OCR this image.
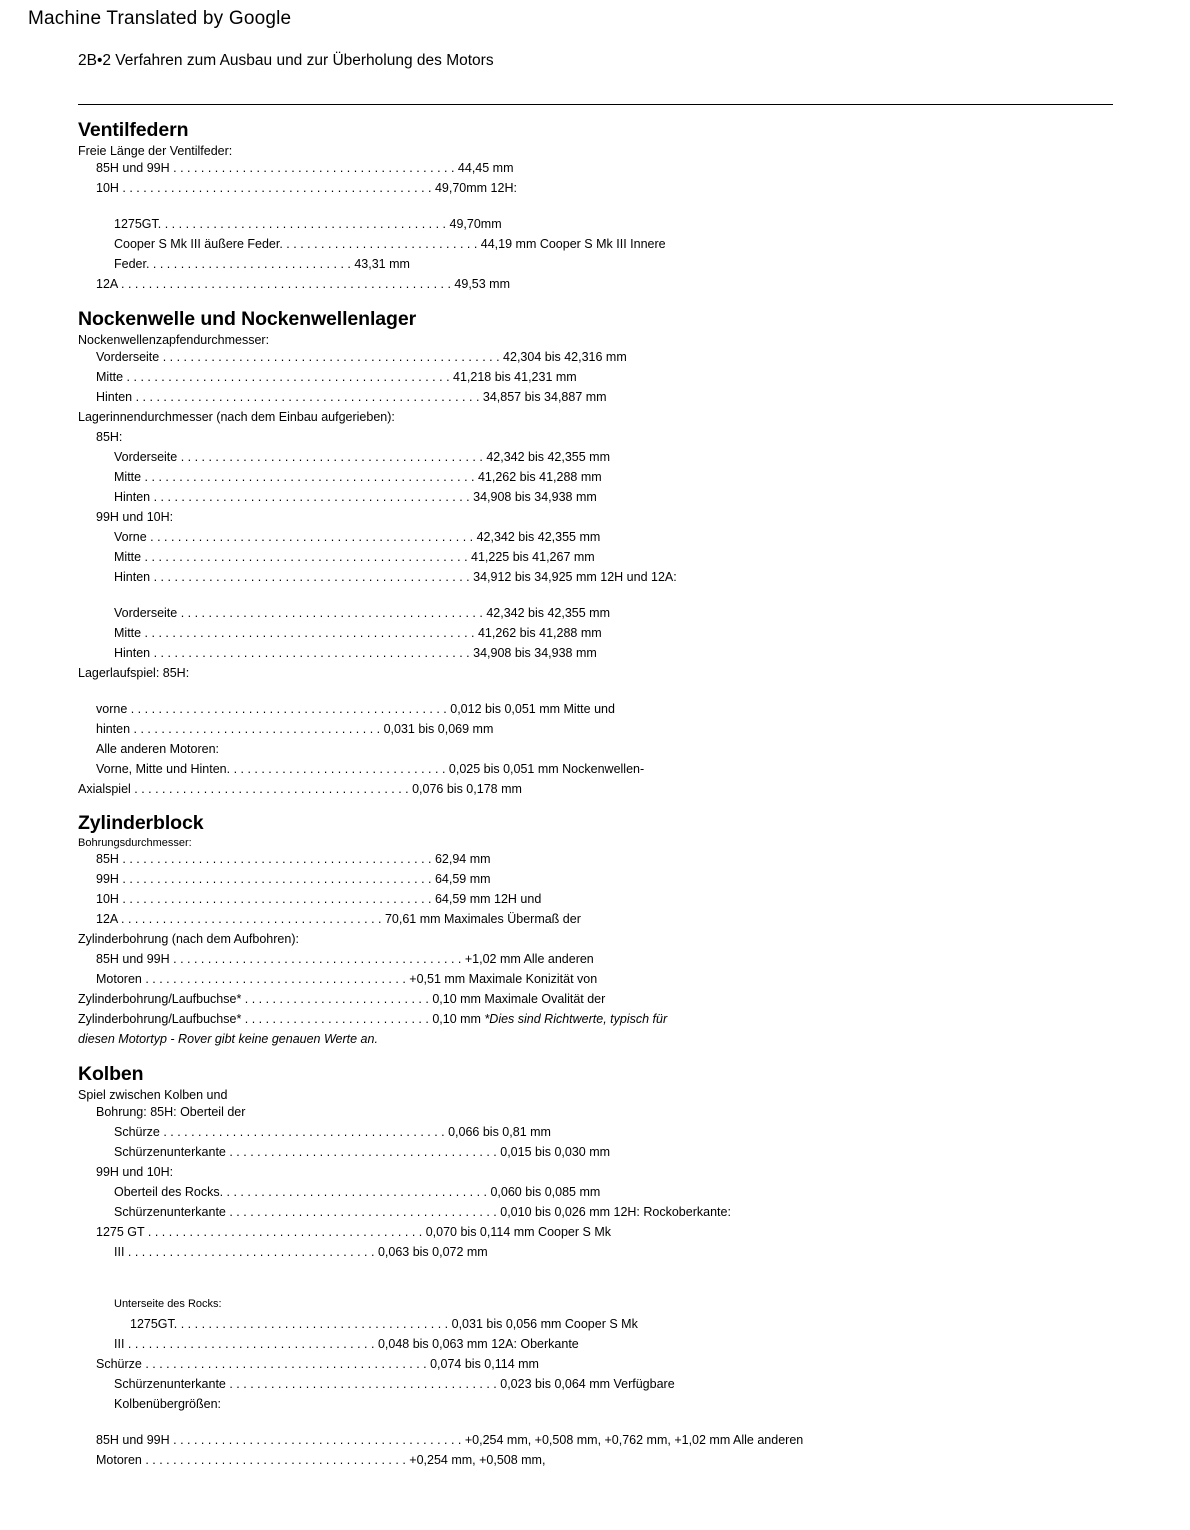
Machine Translated by Google
2B•2 Verfahren zum Ausbau und zur Überholung des Motors
Ventilfedern
Freie Länge der Ventilfeder:
85H und 99H . . . . . . . . . . . . . . . . . . . . . . . . . . . . . . . . . . . . . . . . . 44,45 mm
10H . . . . . . . . . . . . . . . . . . . . . . . . . . . . . . . . . . . . . . . . . . . . . 49,70mm 12H:
1275GT. . . . . . . . . . . . . . . . . . . . . . . . . . . . . . . . . . . . . . . . . . 49,70mm
Cooper S Mk III äußere Feder. . . . . . . . . . . . . . . . . . . . . . . . . . . . . 44,19 mm Cooper S Mk III Innere
Feder. . . . . . . . . . . . . . . . . . . . . . . . . . . . . . 43,31 mm
12A . . . . . . . . . . . . . . . . . . . . . . . . . . . . . . . . . . . . . . . . . . . . . . . . 49,53 mm
Nockenwelle und Nockenwellenlager
Nockenwellenzapfendurchmesser:
Vorderseite . . . . . . . . . . . . . . . . . . . . . . . . . . . . . . . . . . . . . . . . . . . . . . . . . 42,304 bis 42,316 mm
Mitte . . . . . . . . . . . . . . . . . . . . . . . . . . . . . . . . . . . . . . . . . . . . . . . 41,218 bis 41,231 mm
Hinten . . . . . . . . . . . . . . . . . . . . . . . . . . . . . . . . . . . . . . . . . . . . . . . . . . 34,857 bis 34,887 mm
Lagerinnendurchmesser (nach dem Einbau aufgerieben):
85H:
Vorderseite . . . . . . . . . . . . . . . . . . . . . . . . . . . . . . . . . . . . . . . . . . . . 42,342 bis 42,355 mm
Mitte . . . . . . . . . . . . . . . . . . . . . . . . . . . . . . . . . . . . . . . . . . . . . . . . 41,262 bis 41,288 mm
Hinten . . . . . . . . . . . . . . . . . . . . . . . . . . . . . . . . . . . . . . . . . . . . . . 34,908 bis 34,938 mm
99H und 10H:
Vorne . . . . . . . . . . . . . . . . . . . . . . . . . . . . . . . . . . . . . . . . . . . . . . . 42,342 bis 42,355 mm
Mitte . . . . . . . . . . . . . . . . . . . . . . . . . . . . . . . . . . . . . . . . . . . . . . . 41,225 bis 41,267 mm
Hinten . . . . . . . . . . . . . . . . . . . . . . . . . . . . . . . . . . . . . . . . . . . . . . 34,912 bis 34,925 mm 12H und 12A:
Vorderseite . . . . . . . . . . . . . . . . . . . . . . . . . . . . . . . . . . . . . . . . . . . . 42,342 bis 42,355 mm
Mitte . . . . . . . . . . . . . . . . . . . . . . . . . . . . . . . . . . . . . . . . . . . . . . . . 41,262 bis 41,288 mm
Hinten . . . . . . . . . . . . . . . . . . . . . . . . . . . . . . . . . . . . . . . . . . . . . . 34,908 bis 34,938 mm
Lagerlaufspiel: 85H:
vorne . . . . . . . . . . . . . . . . . . . . . . . . . . . . . . . . . . . . . . . . . . . . . . 0,012 bis 0,051 mm Mitte und
hinten . . . . . . . . . . . . . . . . . . . . . . . . . . . . . . . . . . . . 0,031 bis 0,069 mm
Alle anderen Motoren:
Vorne, Mitte und Hinten. . . . . . . . . . . . . . . . . . . . . . . . . . . . . . . . 0,025 bis 0,051 mm Nockenwellen-
Axialspiel . . . . . . . . . . . . . . . . . . . . . . . . . . . . . . . . . . . . . . . . 0,076 bis 0,178 mm
Zylinderblock
Bohrungsdurchmesser:
85H . . . . . . . . . . . . . . . . . . . . . . . . . . . . . . . . . . . . . . . . . . . . . 62,94 mm
99H . . . . . . . . . . . . . . . . . . . . . . . . . . . . . . . . . . . . . . . . . . . . . 64,59 mm
10H . . . . . . . . . . . . . . . . . . . . . . . . . . . . . . . . . . . . . . . . . . . . . 64,59 mm 12H und
12A . . . . . . . . . . . . . . . . . . . . . . . . . . . . . . . . . . . . . . 70,61 mm Maximales Übermaß der
Zylinderbohrung (nach dem Aufbohren):
85H und 99H . . . . . . . . . . . . . . . . . . . . . . . . . . . . . . . . . . . . . . . . . . +1,02 mm Alle anderen
Motoren . . . . . . . . . . . . . . . . . . . . . . . . . . . . . . . . . . . . . . +0,51 mm Maximale Konizität von
Zylinderbohrung/Laufbuchse* . . . . . . . . . . . . . . . . . . . . . . . . . . . 0,10 mm Maximale Ovalität der
Zylinderbohrung/Laufbuchse* . . . . . . . . . . . . . . . . . . . . . . . . . . . 0,10 mm *Dies sind Richtwerte, typisch für
diesen Motortyp - Rover gibt keine genauen Werte an.
Kolben
Spiel zwischen Kolben und
Bohrung: 85H: Oberteil der
Schürze . . . . . . . . . . . . . . . . . . . . . . . . . . . . . . . . . . . . . . . . . 0,066 bis 0,81 mm
Schürzenunterkante . . . . . . . . . . . . . . . . . . . . . . . . . . . . . . . . . . . . . . . 0,015 bis 0,030 mm
99H und 10H:
Oberteil des Rocks. . . . . . . . . . . . . . . . . . . . . . . . . . . . . . . . . . . . . . . 0,060 bis 0,085 mm
Schürzenunterkante . . . . . . . . . . . . . . . . . . . . . . . . . . . . . . . . . . . . . . . 0,010 bis 0,026 mm 12H: Rockoberkante:
1275 GT . . . . . . . . . . . . . . . . . . . . . . . . . . . . . . . . . . . . . . . . 0,070 bis 0,114 mm Cooper S Mk
III . . . . . . . . . . . . . . . . . . . . . . . . . . . . . . . . . . . . 0,063 bis 0,072 mm
Unterseite des Rocks:
1275GT. . . . . . . . . . . . . . . . . . . . . . . . . . . . . . . . . . . . . . . . 0,031 bis 0,056 mm Cooper S Mk
III . . . . . . . . . . . . . . . . . . . . . . . . . . . . . . . . . . . . 0,048 bis 0,063 mm 12A: Oberkante
Schürze . . . . . . . . . . . . . . . . . . . . . . . . . . . . . . . . . . . . . . . . . 0,074 bis 0,114 mm
Schürzenunterkante . . . . . . . . . . . . . . . . . . . . . . . . . . . . . . . . . . . . . . . 0,023 bis 0,064 mm Verfügbare
Kolbenübergrößen:
85H und 99H . . . . . . . . . . . . . . . . . . . . . . . . . . . . . . . . . . . . . . . . . . +0,254 mm, +0,508 mm, +0,762 mm, +1,02 mm Alle anderen
Motoren . . . . . . . . . . . . . . . . . . . . . . . . . . . . . . . . . . . . . . +0,254 mm, +0,508 mm,
